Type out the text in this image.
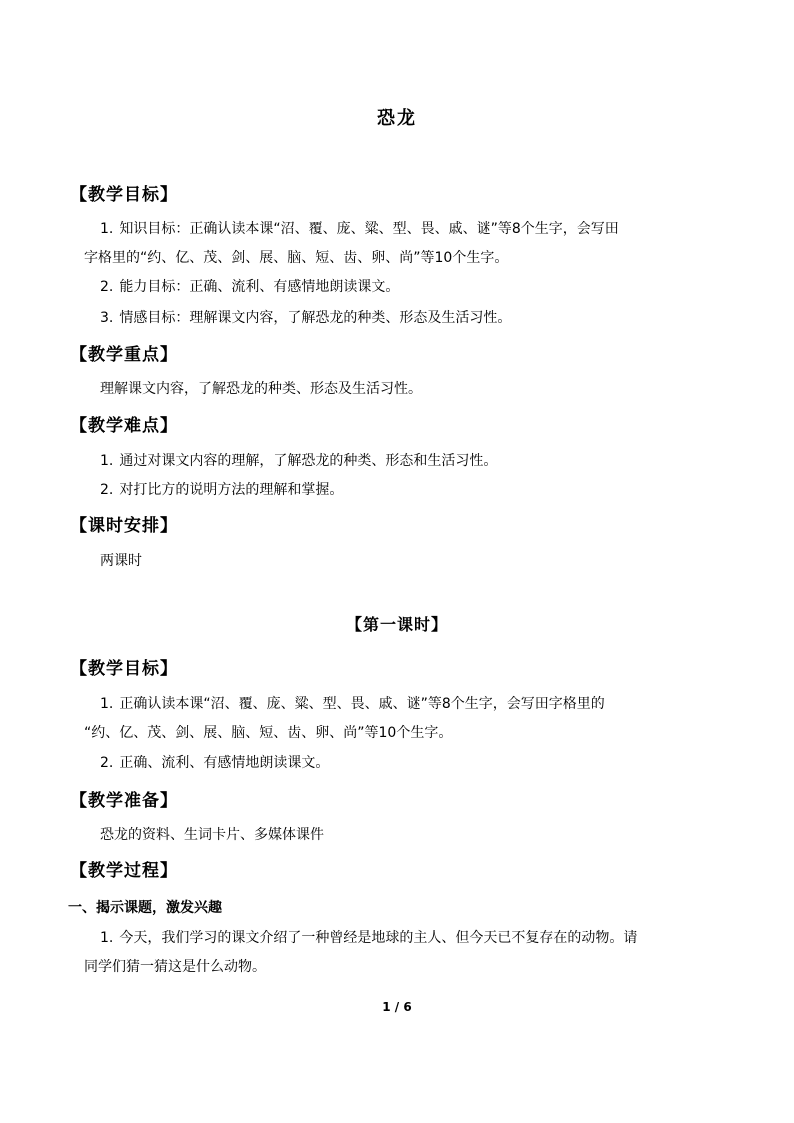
恐龙
【教学目标】
1. 知识目标：正确认读本课“沼、覆、庞、粱、型、畏、戚、谜”等8个生字，会写田
字格里的“约、亿、茂、剑、展、脑、短、齿、卵、尚”等10个生字。
2. 能力目标：正确、流利、有感情地朗读课文。
3. 情感目标：理解课文内容，了解恐龙的种类、形态及生活习性。
【教学重点】
理解课文内容，了解恐龙的种类、形态及生活习性。
【教学难点】
1. 通过对课文内容的理解，了解恐龙的种类、形态和生活习性。
2. 对打比方的说明方法的理解和掌握。
【课时安排】
两课时
【第一课时】
【教学目标】
1. 正确认读本课“沼、覆、庞、粱、型、畏、戚、谜”等8个生字，会写田字格里的
“约、亿、茂、剑、展、脑、短、齿、卵、尚”等10个生字。
2. 正确、流利、有感情地朗读课文。
【教学准备】
恐龙的资料、生词卡片、多媒体课件
【教学过程】
一、揭示课题，激发兴趣
1. 今天，我们学习的课文介绍了一种曾经是地球的主人、但今天已不复存在的动物。请
同学们猜一猜这是什么动物。
1 / 6
